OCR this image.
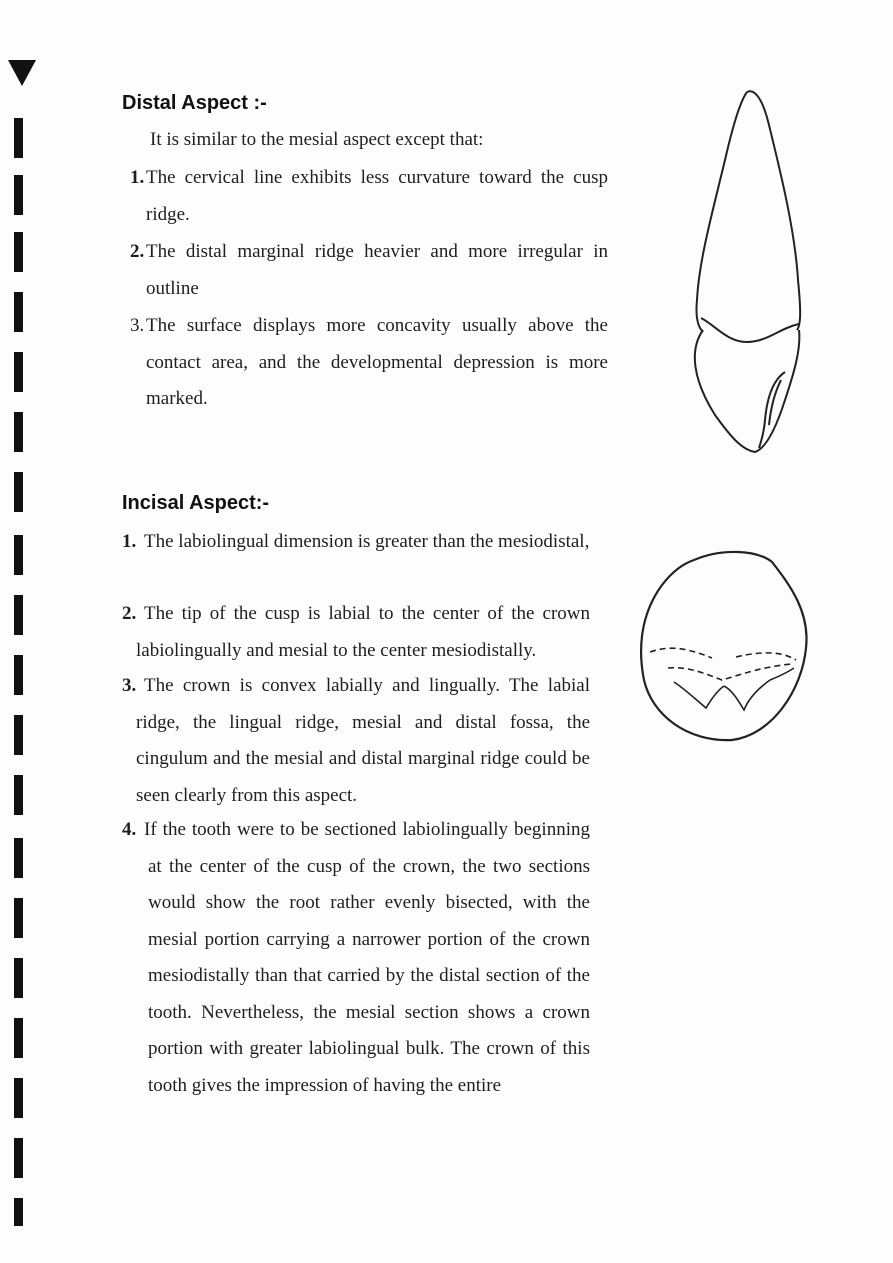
Distal Aspect :-

It is similar to the mesial aspect except that:

1. The cervical line exhibits less curvature toward the cusp ridge.
2. The distal marginal ridge heavier and more irregular in outline
3. The surface displays more concavity usually above the contact area, and the developmental depression is more marked.
Incisal Aspect:-
1. The labiolingual dimension is greater than the mesiodistal,
2. The tip of the cusp is labial to the center of the crown labiolingually and mesial to the center mesiodistally.
3. The crown is convex labially and lingually. The labial ridge, the lingual ridge, mesial and distal fossa, the cingulum and the mesial and distal marginal ridge could be seen clearly from this aspect.
4. If the tooth were to be sectioned labiolingually beginning at the center of the cusp of the crown, the two sections would show the root rather evenly bisected, with the mesial portion carrying a narrower portion of the crown mesiodistally than that carried by the distal section of the tooth. Nevertheless, the mesial section shows a crown portion with greater labiolingual bulk. The crown of this tooth gives the impression of having the entire
